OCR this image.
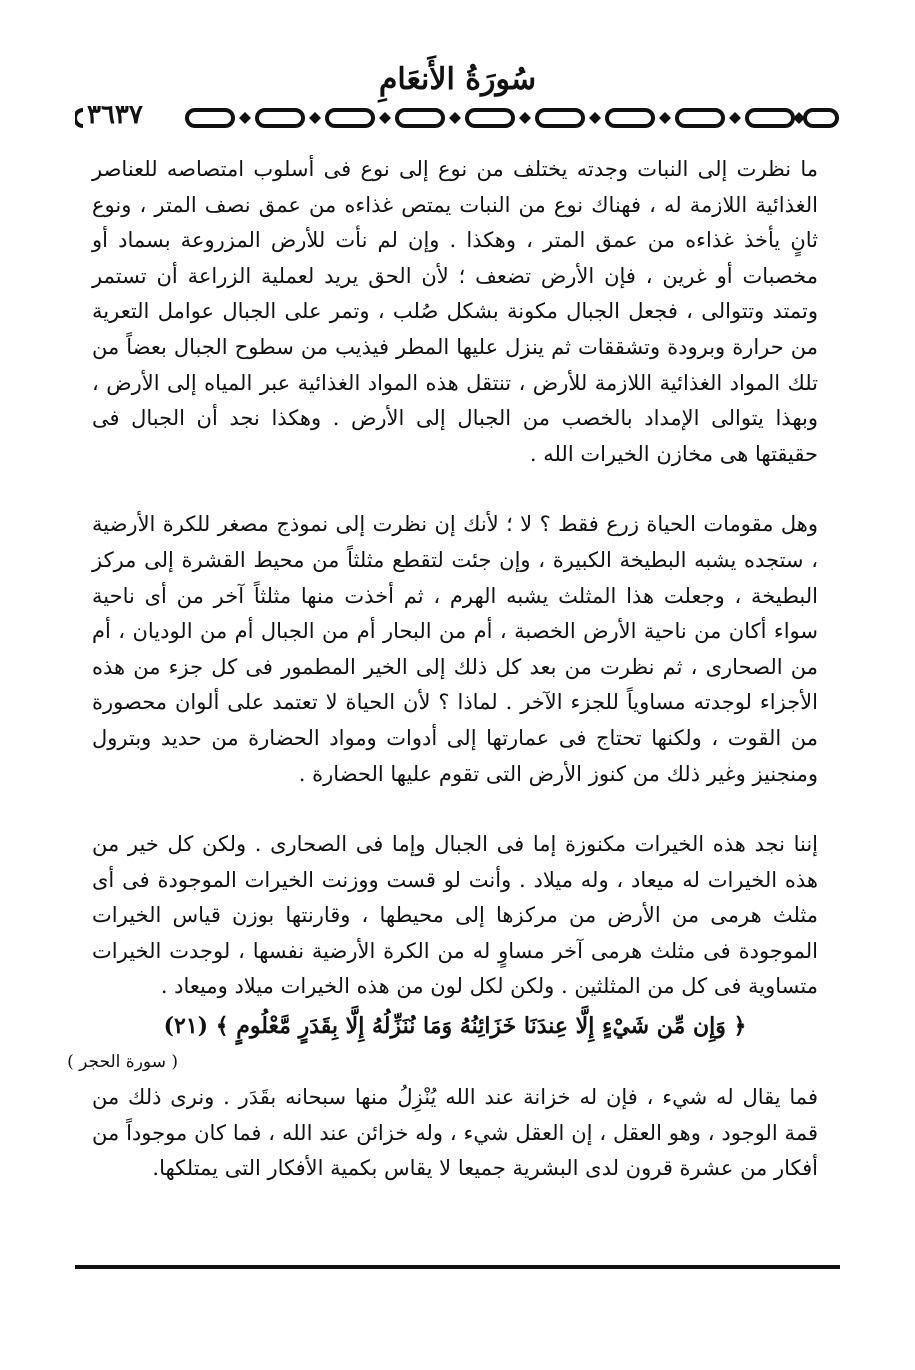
سُورَةُ الأَنعَامِ
٣٦٣٧

ما نظرت إلى النبات وجدته يختلف من نوع إلى نوع فى أسلوب امتصاصه للعناصر الغذائية اللازمة له ، فهناك نوع من النبات يمتص غذاءه من عمق نصف المتر ، ونوع ثانٍ يأخذ غذاءه من عمق المتر ، وهكذا . وإن لم نأت للأرض المزروعة بسماد أو مخصبات أو غرين ، فإن الأرض تضعف ؛ لأن الحق يريد لعملية الزراعة أن تستمر وتمتد وتتوالى ، فجعل الجبال مكونة بشكل صُلب ، وتمر على الجبال عوامل التعرية من حرارة وبرودة وتشققات ثم ينزل عليها المطر فيذيب من سطوح الجبال بعضاً من تلك المواد الغذائية اللازمة للأرض ، تنتقل هذه المواد الغذائية عبر المياه إلى الأرض ، وبهذا يتوالى الإمداد بالخصب من الجبال إلى الأرض . وهكذا نجد أن الجبال فى حقيقتها هى مخازن الخيرات الله .

وهل مقومات الحياة زرع فقط ؟ لا ؛ لأنك إن نظرت إلى نموذج مصغر للكرة الأرضية ، ستجده يشبه البطيخة الكبيرة ، وإن جئت لتقطع مثلثاً من محيط القشرة إلى مركز البطيخة ، وجعلت هذا المثلث يشبه الهرم ، ثم أخذت منها مثلثاً آخر من أى ناحية سواء أكان من ناحية الأرض الخصبة ، أم من البحار أم من الجبال أم من الوديان ، أم من الصحارى ، ثم نظرت من بعد كل ذلك إلى الخير المطمور فى كل جزء من هذه الأجزاء لوجدته مساوياً للجزء الآخر . لماذا ؟ لأن الحياة لا تعتمد على ألوان محصورة من القوت ، ولكنها تحتاج فى عمارتها إلى أدوات ومواد الحضارة من حديد وبترول ومنجنيز وغير ذلك من كنوز الأرض التى تقوم عليها الحضارة .

إننا نجد هذه الخيرات مكنوزة إما فى الجبال وإما فى الصحارى . ولكن كل خير من هذه الخيرات له ميعاد ، وله ميلاد . وأنت لو قست ووزنت الخيرات الموجودة فى أى مثلث هرمى من الأرض من مركزها إلى محيطها ، وقارنتها بوزن قياس الخيرات الموجودة فى مثلث هرمى آخر مساوٍ له من الكرة الأرضية نفسها ، لوجدت الخيرات متساوية فى كل من المثلثين . ولكن لكل لون من هذه الخيرات ميلاد وميعاد .

﴿ وَإِن مِّن شَيْءٍ إِلَّا عِندَنَا خَزَائِنُهُ وَمَا نُنَزِّلُهُ إِلَّا بِقَدَرٍ مَّعْلُومٍ ﴾ (٢١)

( سورة الحجر )

فما يقال له شيء ، فإن له خزانة عند الله يُنْزِلُ منها سبحانه بقَدَر . ونرى ذلك من قمة الوجود ، وهو العقل ، إن العقل شيء ، وله خزائن عند الله ، فما كان موجوداً من أفكار من عشرة قرون لدى البشرية جميعا لا يقاس بكمية الأفكار التى يمتلكها.
